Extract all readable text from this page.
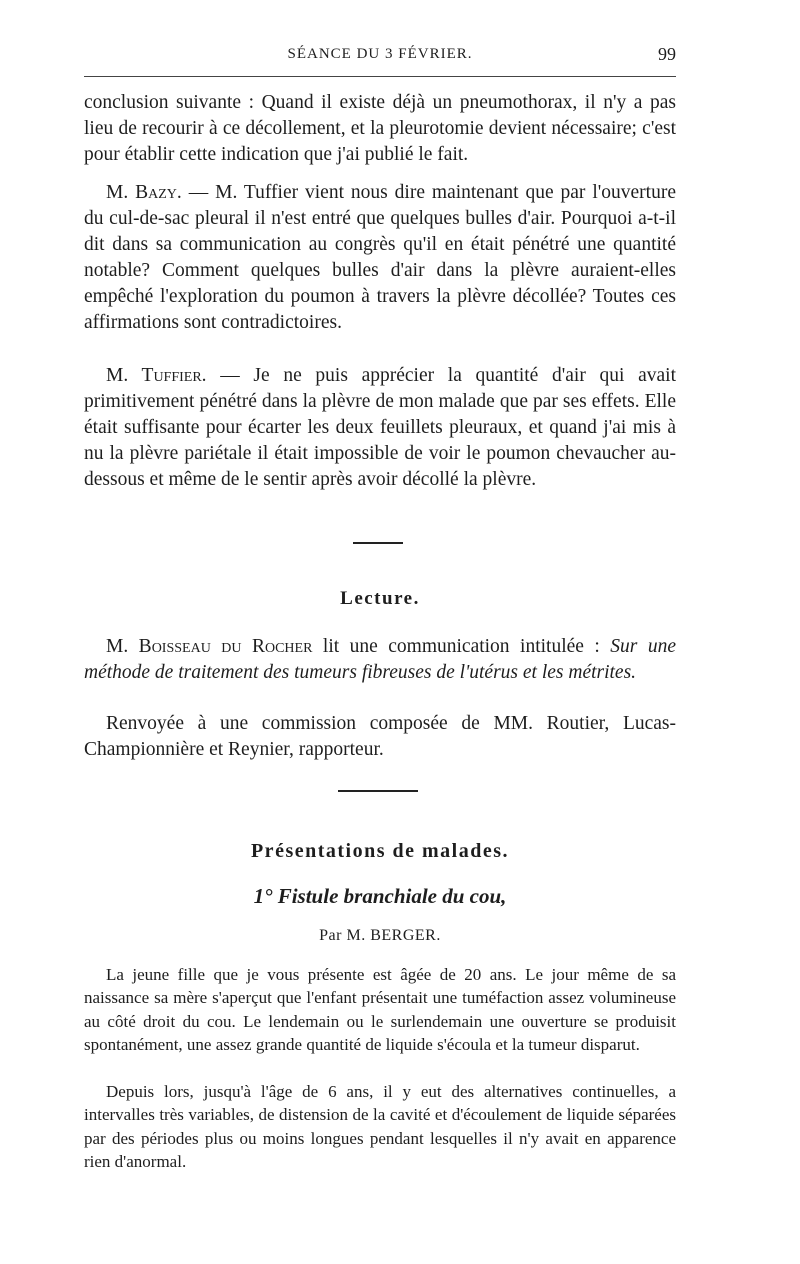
SÉANCE DU 3 FÉVRIER.	99

conclusion suivante : Quand il existe déjà un pneumothorax, il n'y a pas lieu de recourir à ce décollement, et la pleurotomie devient nécessaire; c'est pour établir cette indication que j'ai publié le fait.

M. Bazy. — M. Tuffier vient nous dire maintenant que par l'ouverture du cul-de-sac pleural il n'est entré que quelques bulles d'air. Pourquoi a-t-il dit dans sa communication au congrès qu'il en était pénétré une quantité notable? Comment quelques bulles d'air dans la plèvre auraient-elles empêché l'exploration du poumon à travers la plèvre décollée? Toutes ces affirmations sont contradictoires.

M. Tuffier. — Je ne puis apprécier la quantité d'air qui avait primitivement pénétré dans la plèvre de mon malade que par ses effets. Elle était suffisante pour écarter les deux feuillets pleuraux, et quand j'ai mis à nu la plèvre pariétale il était impossible de voir le poumon chevaucher au-dessous et même de le sentir après avoir décollé la plèvre.

Lecture.

M. Boisseau du Rocher lit une communication intitulée : Sur une méthode de traitement des tumeurs fibreuses de l'utérus et les métrites.

Renvoyée à une commission composée de MM. Routier, Lucas-Championnière et Reynier, rapporteur.

Présentations de malades.
1° Fistule branchiale du cou,
Par M. BERGER.

La jeune fille que je vous présente est âgée de 20 ans. Le jour même de sa naissance sa mère s'aperçut que l'enfant présentait une tuméfaction assez volumineuse au côté droit du cou. Le lendemain ou le surlendemain une ouverture se produisit spontanément, une assez grande quantité de liquide s'écoula et la tumeur disparut.

Depuis lors, jusqu'à l'âge de 6 ans, il y eut des alternatives continuelles, a intervalles très variables, de distension de la cavité et d'écoulement de liquide séparées par des périodes plus ou moins longues pendant lesquelles il n'y avait en apparence rien d'anormal.
